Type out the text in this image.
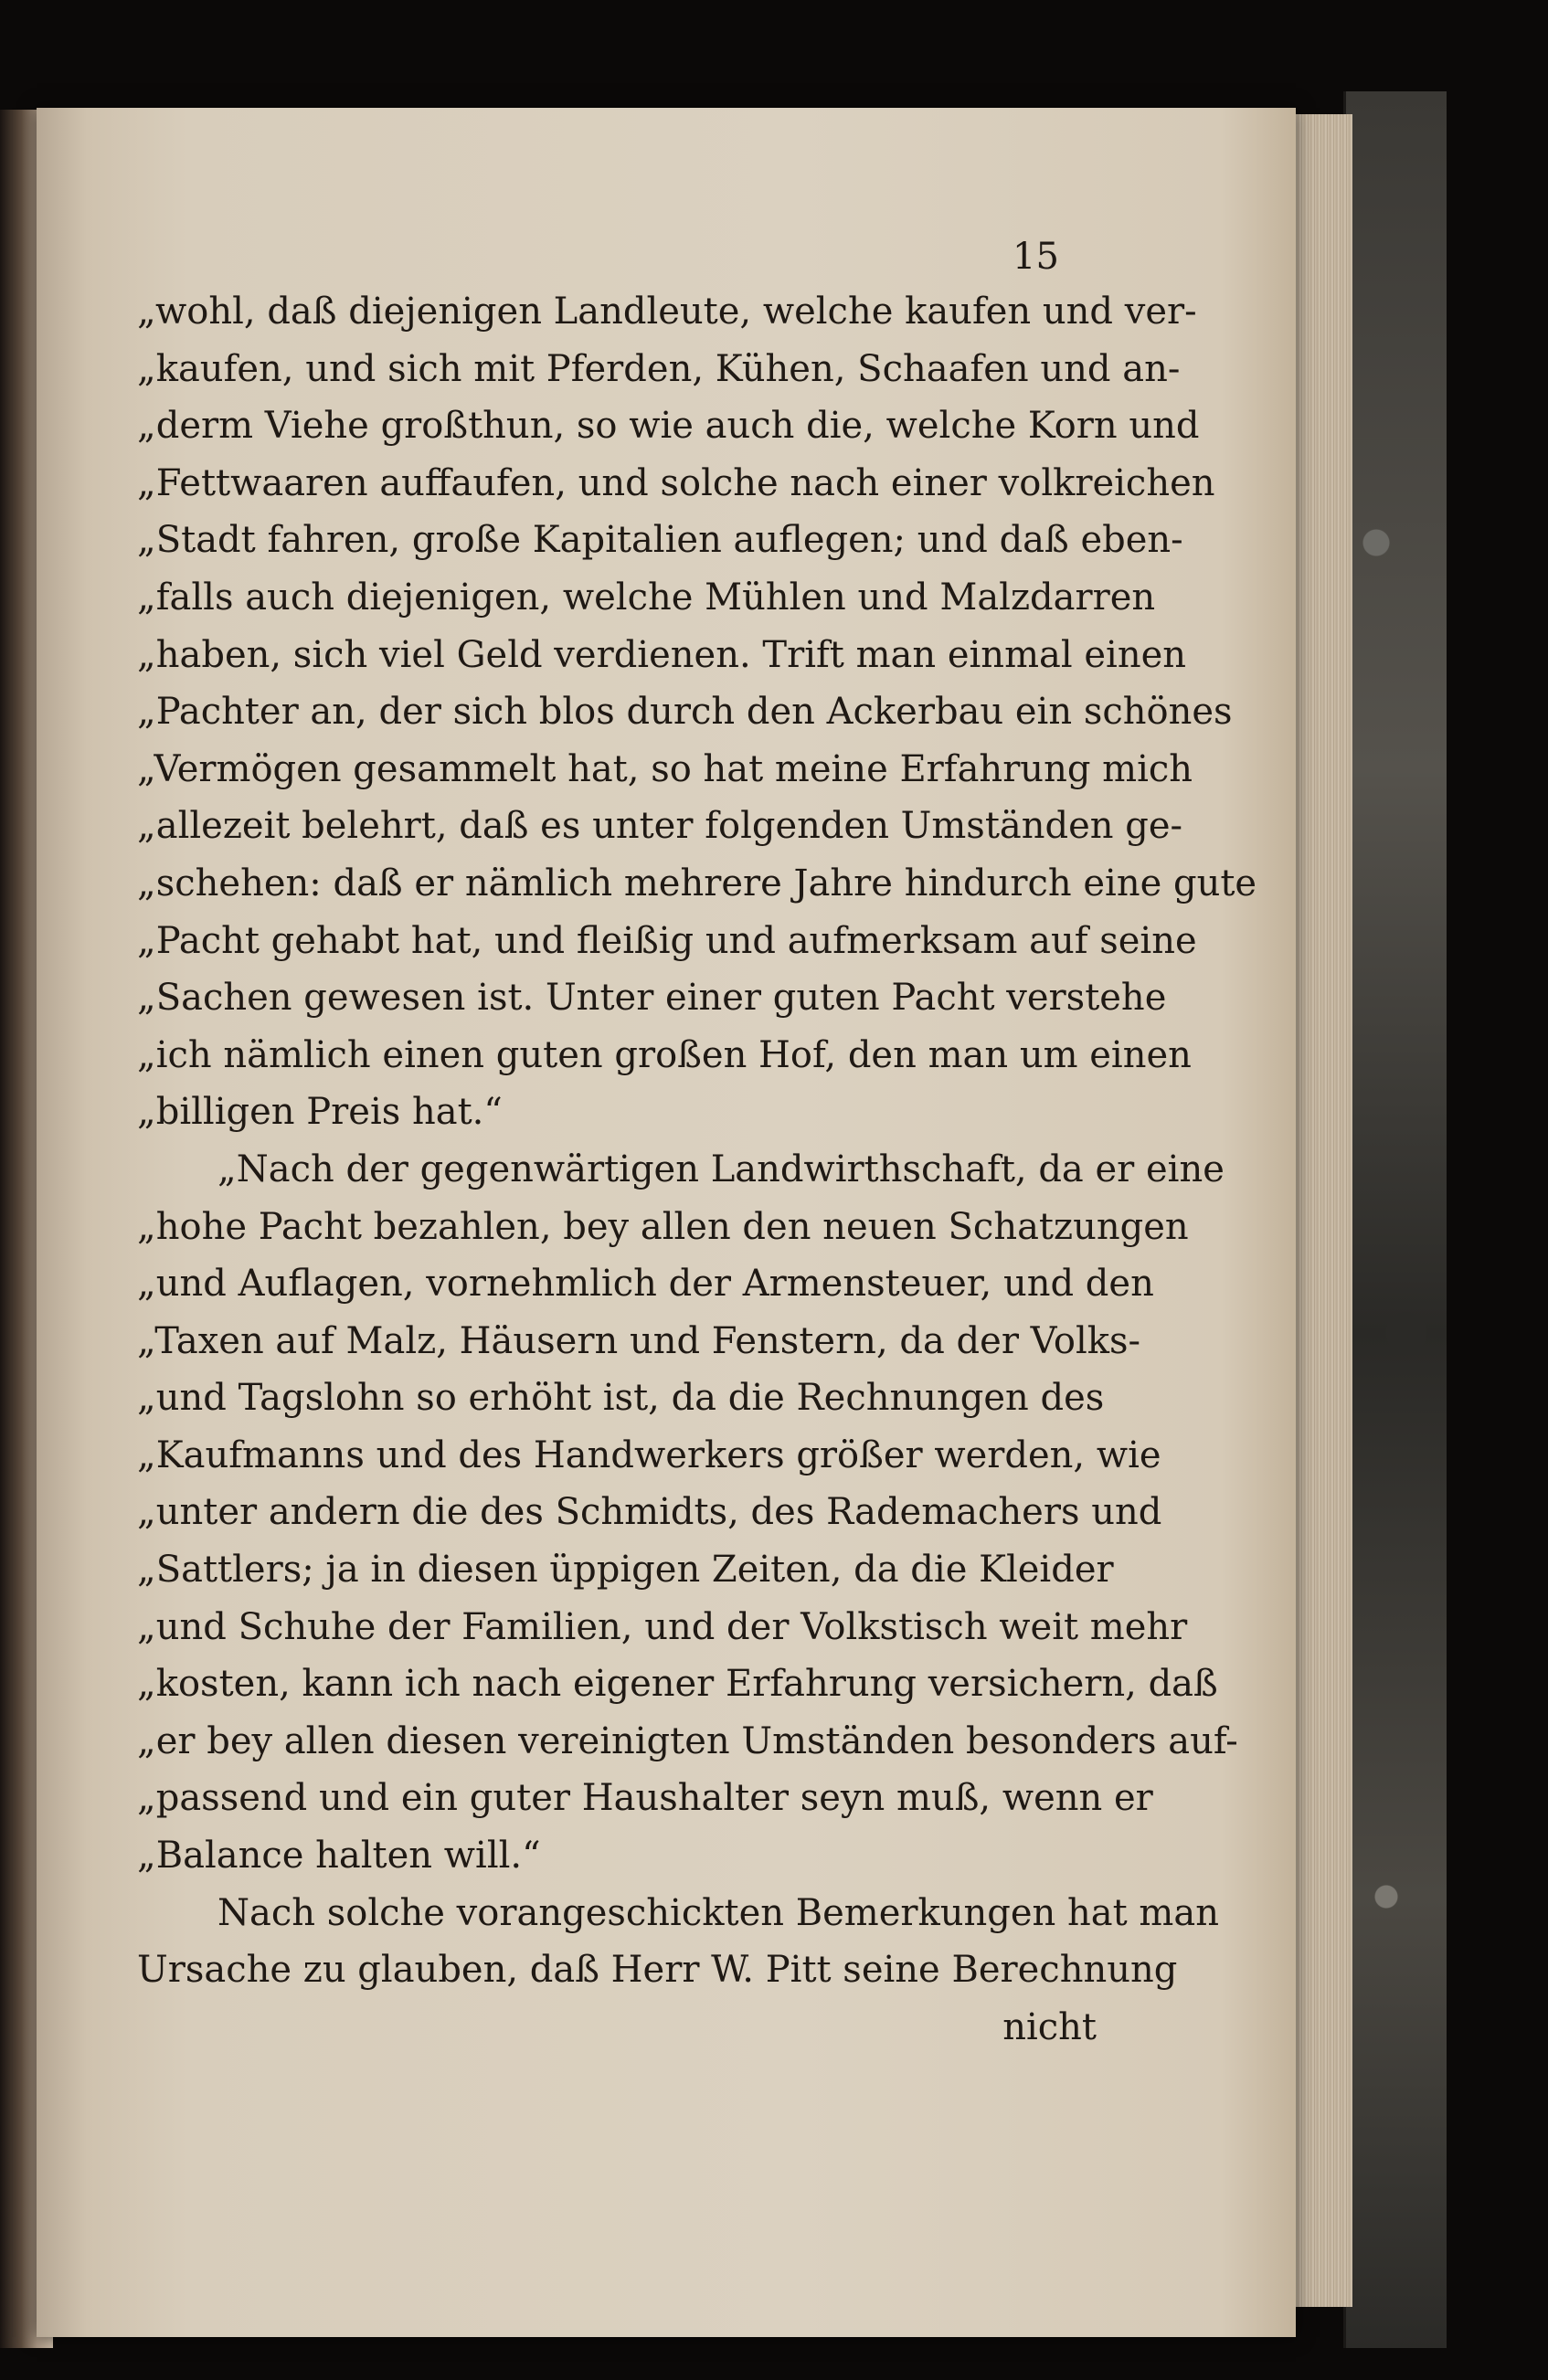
15
„wohl, daß diejenigen Landleute, welche kaufen und ver-
„kaufen, und sich mit Pferden, Kühen, Schaafen und an-
„derm Viehe großthun, so wie auch die, welche Korn und
„Fettwaaren auffaufen, und solche nach einer volkreichen
„Stadt fahren, große Kapitalien auflegen; und daß eben-
„falls auch diejenigen, welche Mühlen und Malzdarren
„haben, sich viel Geld verdienen. Trift man einmal einen
„Pachter an, der sich blos durch den Ackerbau ein schönes
„Vermögen gesammelt hat, so hat meine Erfahrung mich
„allezeit belehrt, daß es unter folgenden Umständen ge-
„schehen: daß er nämlich mehrere Jahre hindurch eine gute
„Pacht gehabt hat, und fleißig und aufmerksam auf seine
„Sachen gewesen ist. Unter einer guten Pacht verstehe
„ich nämlich einen guten großen Hof, den man um einen
„billigen Preis hat.“
„Nach der gegenwärtigen Landwirthschaft, da er eine
„hohe Pacht bezahlen, bey allen den neuen Schatzungen
„und Auflagen, vornehmlich der Armensteuer, und den
„Taxen auf Malz, Häusern und Fenstern, da der Volks-
„und Tagslohn so erhöht ist, da die Rechnungen des
„Kaufmanns und des Handwerkers größer werden, wie
„unter andern die des Schmidts, des Rademachers und
„Sattlers; ja in diesen üppigen Zeiten, da die Kleider
„und Schuhe der Familien, und der Volkstisch weit mehr
„kosten, kann ich nach eigener Erfahrung versichern, daß
„er bey allen diesen vereinigten Umständen besonders auf-
„passend und ein guter Haushalter seyn muß, wenn er
„Balance halten will.“
Nach solche vorangeschickten Bemerkungen hat man
Ursache zu glauben, daß Herr W. Pitt seine Berechnung
nicht
